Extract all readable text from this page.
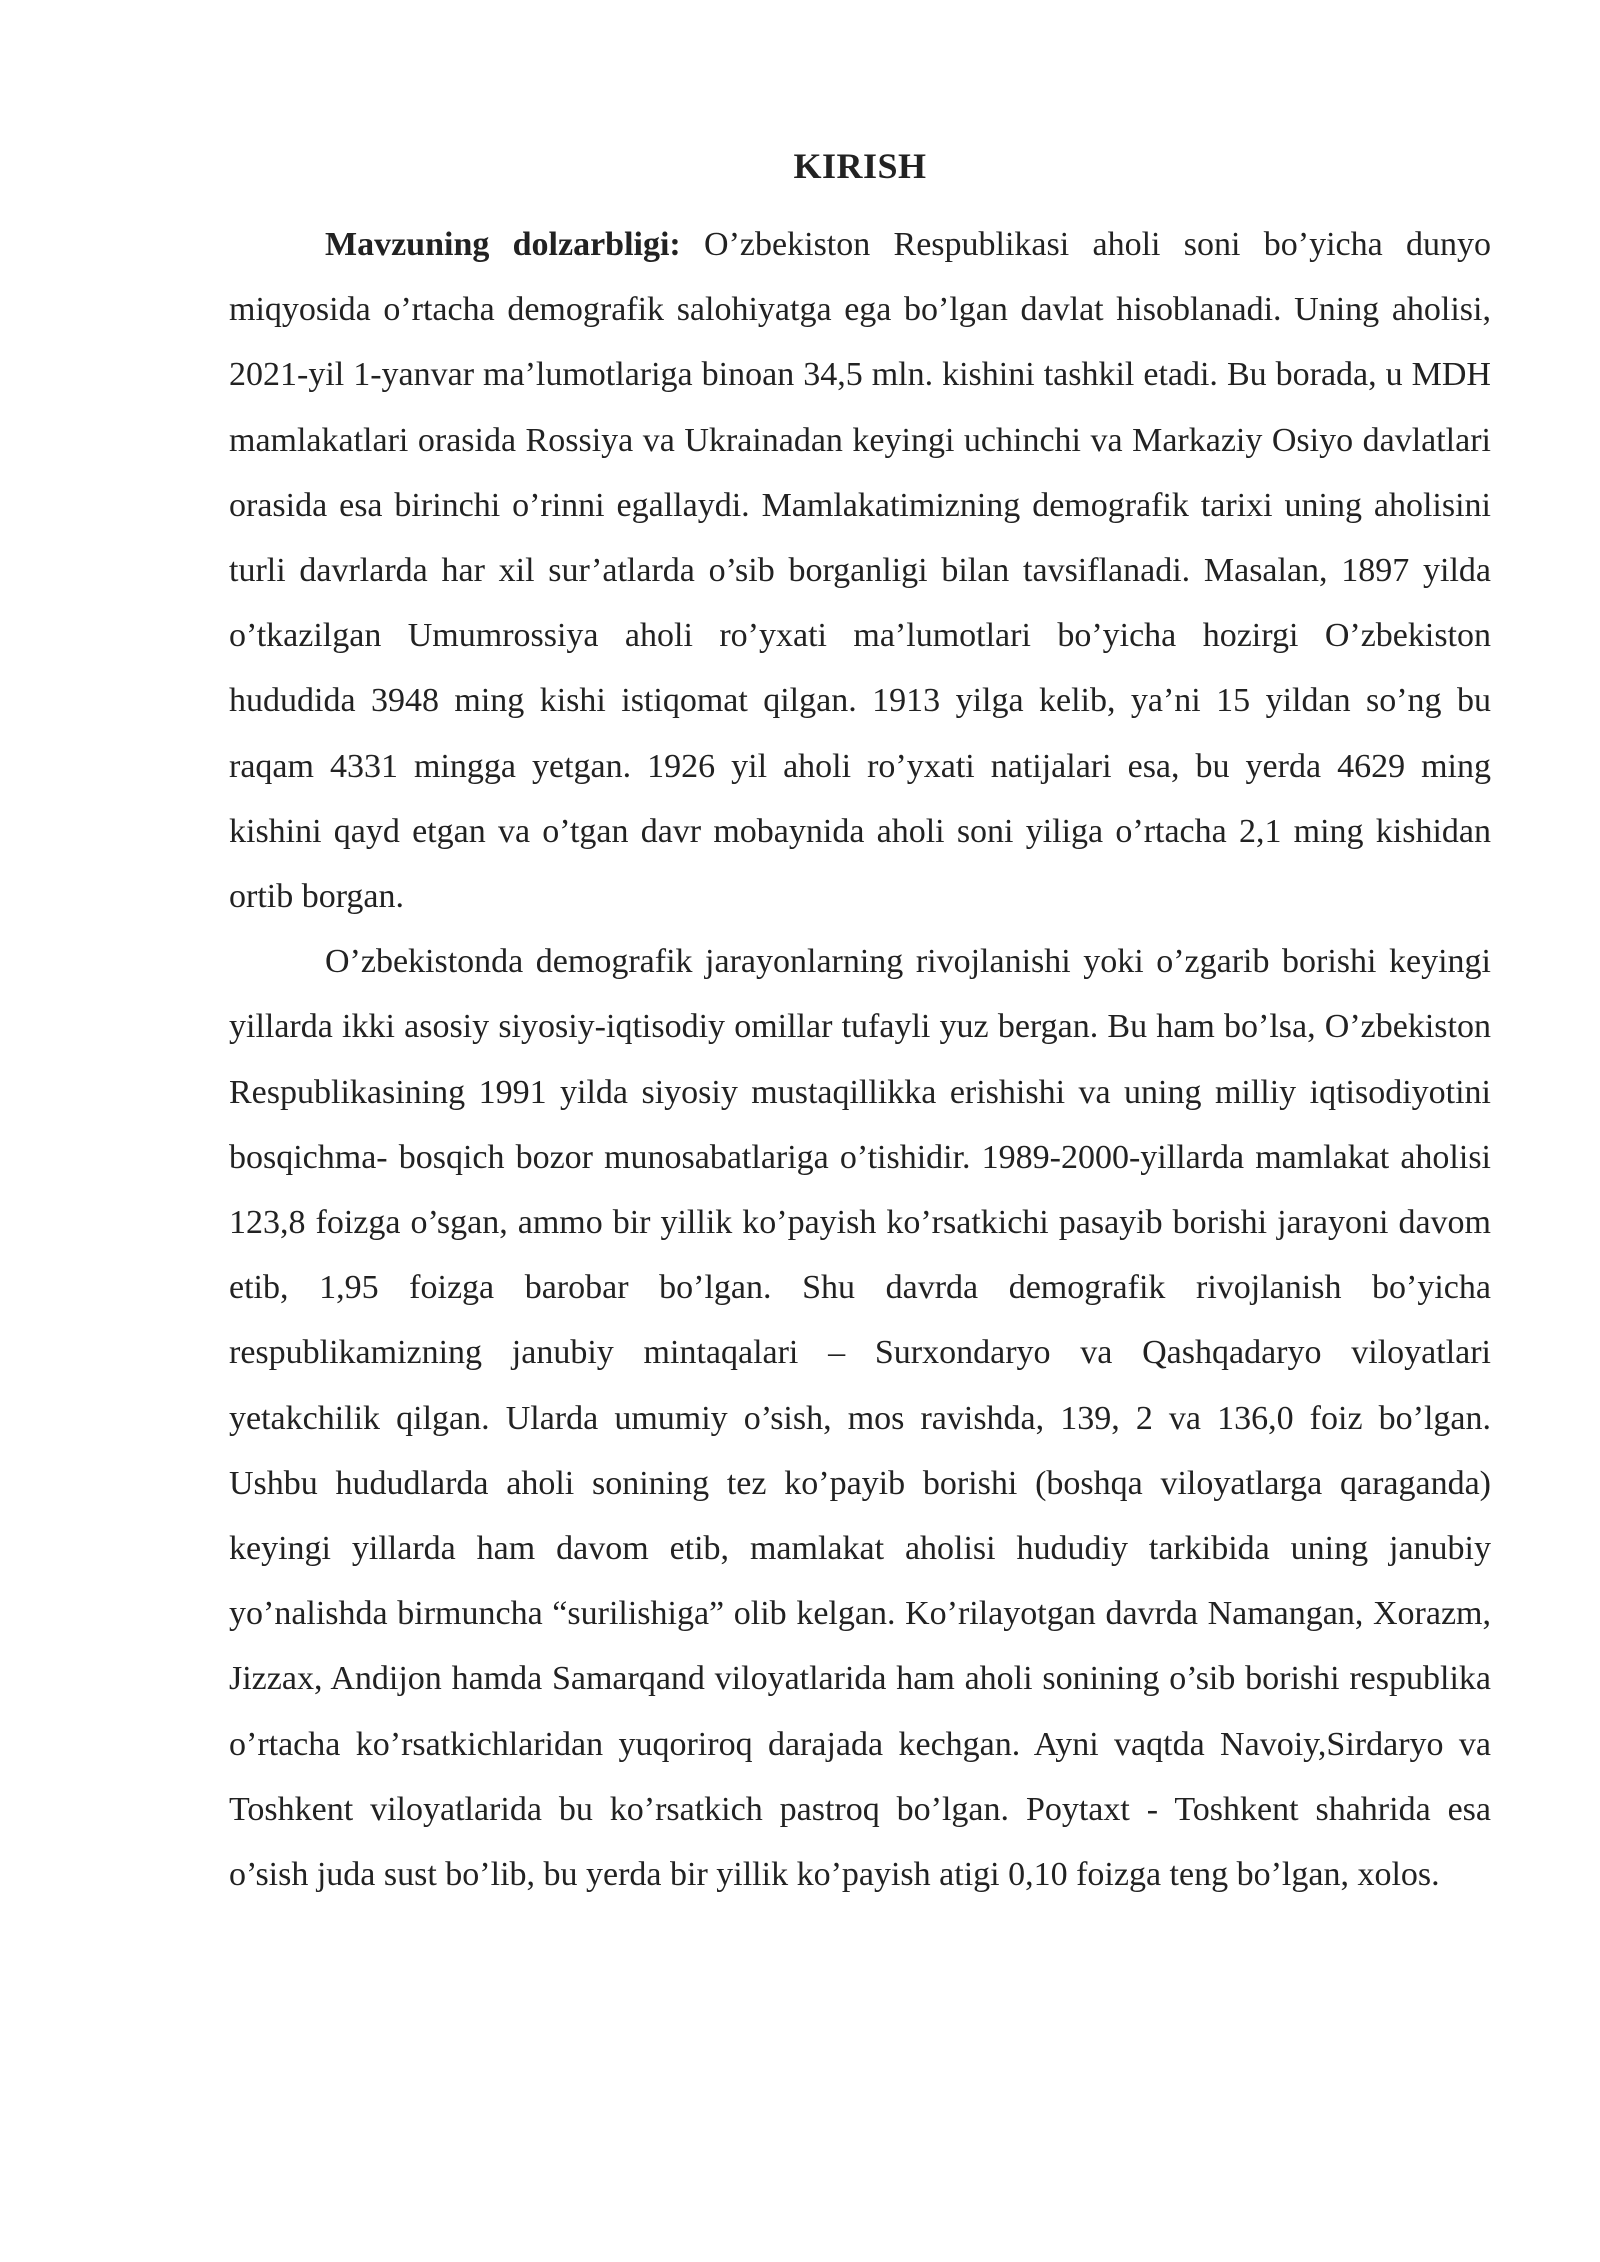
KIRISH

Mavzuning dolzarbligi: O’zbekiston Respublikasi aholi soni bo’yicha dunyo miqyosida o’rtacha demografik salohiyatga ega bo’lgan davlat hisoblanadi. Uning aholisi, 2021-yil 1-yanvar ma’lumotlariga binoan 34,5 mln. kishini tashkil etadi. Bu borada, u MDH mamlakatlari orasida Rossiya va Ukrainadan keyingi uchinchi va Markaziy Osiyo davlatlari orasida esa birinchi o’rinni egallaydi. Mamlakatimizning demografik tarixi uning aholisini turli davrlarda har xil sur’atlarda o’sib borganligi bilan tavsiflanadi. Masalan, 1897 yilda o’tkazilgan Umumrossiya aholi ro’yxati ma’lumotlari bo’yicha hozirgi O’zbekiston hududida 3948 ming kishi istiqomat qilgan. 1913 yilga kelib, ya’ni 15 yildan so’ng bu raqam 4331 mingga yetgan. 1926 yil aholi ro’yxati natijalari esa, bu yerda 4629 ming kishini qayd etgan va o’tgan davr mobaynida aholi soni yiliga o’rtacha 2,1 ming kishidan ortib borgan.

O’zbekistonda demografik jarayonlarning rivojlanishi yoki o’zgarib borishi keyingi yillarda ikki asosiy siyosiy-iqtisodiy omillar tufayli yuz bergan. Bu ham bo’lsa, O’zbekiston Respublikasining 1991 yilda siyosiy mustaqillikka erishishi va uning milliy iqtisodiyotini bosqichma- bosqich bozor munosabatlariga o’tishidir. 1989-2000-yillarda mamlakat aholisi 123,8 foizga o’sgan, ammo bir yillik ko’payish ko’rsatkichi pasayib borishi jarayoni davom etib, 1,95 foizga barobar bo’lgan. Shu davrda demografik rivojlanish bo’yicha respublikamizning janubiy mintaqalari – Surxondaryo va Qashqadaryo viloyatlari yetakchilik qilgan. Ularda umumiy o’sish, mos ravishda, 139, 2 va 136,0 foiz bo’lgan. Ushbu hududlarda aholi sonining tez ko’payib borishi (boshqa viloyatlarga qaraganda) keyingi yillarda ham davom etib, mamlakat aholisi hududiy tarkibida uning janubiy yo’nalishda birmuncha “surilishiga” olib kelgan. Ko’rilayotgan davrda Namangan, Xorazm, Jizzax, Andijon hamda Samarqand viloyatlarida ham aholi sonining o’sib borishi respublika o’rtacha ko’rsatkichlaridan yuqoriroq darajada kechgan. Ayni vaqtda Navoiy,Sirdaryo va Toshkent viloyatlarida bu ko’rsatkich pastroq bo’lgan. Poytaxt - Toshkent shahrida esa o’sish juda sust bo’lib, bu yerda bir yillik ko’payish atigi 0,10 foizga teng bo’lgan, xolos.
